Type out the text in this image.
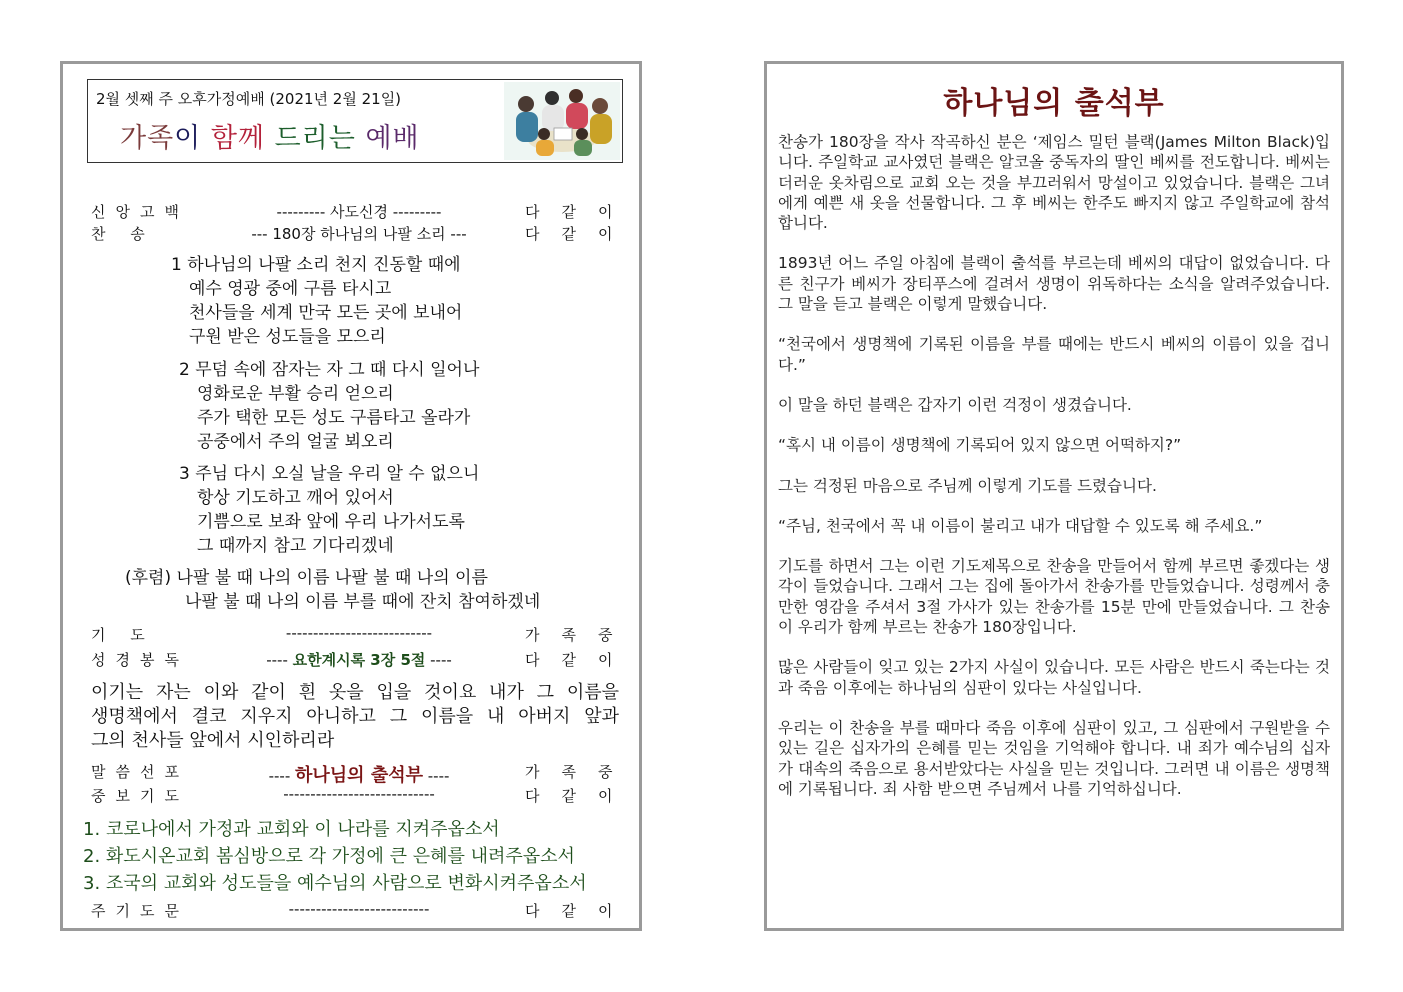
2월 셋째 주 오후가정예배 (2021년 2월 21일)
가족이 함께 드리는 예배
신앙고백	--------- 사도신경 ---------	다같이
찬 송	--- 180장 하나님의 나팔 소리 ---	다같이
1 하나님의 나팔 소리 천지 진동할 때에
예수 영광 중에 구름 타시고
천사들을 세계 만국 모든 곳에 보내어
구원 받은 성도들을 모으리
2 무덤 속에 잠자는 자 그 때 다시 일어나
영화로운 부활 승리 얻으리
주가 택한 모든 성도 구름타고 올라가
공중에서 주의 얼굴 뵈오리
3 주님 다시 오실 날을 우리 알 수 없으니
항상 기도하고 깨어 있어서
기쁨으로 보좌 앞에 우리 나가서도록
그 때까지 참고 기다리겠네
(후렴) 나팔 불 때 나의 이름 나팔 불 때 나의 이름
나팔 불 때 나의 이름 부를 때에 잔치 참여하겠네
기 도	---------------------------	가족중
성경봉독	---- 요한계시록 3장 5절 ----	다같이
이기는 자는 이와 같이 흰 옷을 입을 것이요 내가 그 이름을
생명책에서 결코 지우지 아니하고 그 이름을 내 아버지 앞과
그의 천사들 앞에서 시인하리라
말씀선포	---- 하나님의 출석부 ----	가족중
중보기도	----------------------------	다같이
1. 코로나에서 가정과 교회와 이 나라를 지켜주옵소서
2. 화도시온교회 봄심방으로 각 가정에 큰 은혜를 내려주옵소서
3. 조국의 교회와 성도들을 예수님의 사람으로 변화시켜주옵소서
주기도문	--------------------------	다같이
하나님의 출석부

찬송가 180장을 작사 작곡하신 분은 ‘제임스 밀턴 블랙(James Milton Black)입니다. 주일학교 교사였던 블랙은 알코올 중독자의 딸인 베씨를 전도합니다. 베씨는 더러운 옷차림으로 교회 오는 것을 부끄러워서 망설이고 있었습니다. 블랙은 그녀에게 예쁜 새 옷을 선물합니다. 그 후 베씨는 한주도 빠지지 않고 주일학교에 참석합니다.

1893년 어느 주일 아침에 블랙이 출석를 부르는데 베씨의 대답이 없었습니다. 다른 친구가 베씨가 장티푸스에 걸려서 생명이 위독하다는 소식을 알려주었습니다. 그 말을 듣고 블랙은 이렇게 말했습니다.

“천국에서 생명책에 기록된 이름을 부를 때에는 반드시 베씨의 이름이 있을 겁니다.”

이 말을 하던 블랙은 갑자기 이런 걱정이 생겼습니다.

“혹시 내 이름이 생명책에 기록되어 있지 않으면 어떡하지?”

그는 걱정된 마음으로 주님께 이렇게 기도를 드렸습니다.

“주님, 천국에서 꼭 내 이름이 불리고 내가 대답할 수 있도록 해 주세요.”

기도를 하면서 그는 이런 기도제목으로 찬송을 만들어서 함께 부르면 좋겠다는 생각이 들었습니다. 그래서 그는 집에 돌아가서 찬송가를 만들었습니다. 성령께서 충만한 영감을 주셔서 3절 가사가 있는 찬송가를 15분 만에 만들었습니다. 그 찬송이 우리가 함께 부르는 찬송가 180장입니다.

많은 사람들이 잊고 있는 2가지 사실이 있습니다. 모든 사람은 반드시 죽는다는 것과 죽음 이후에는 하나님의 심판이 있다는 사실입니다.

우리는 이 찬송을 부를 때마다 죽음 이후에 심판이 있고, 그 심판에서 구원받을 수 있는 길은 십자가의 은혜를 믿는 것임을 기억해야 합니다. 내 죄가 예수님의 십자가 대속의 죽음으로 용서받았다는 사실을 믿는 것입니다. 그러면 내 이름은 생명책에 기록됩니다. 죄 사함 받으면 주님께서 나를 기억하십니다.
